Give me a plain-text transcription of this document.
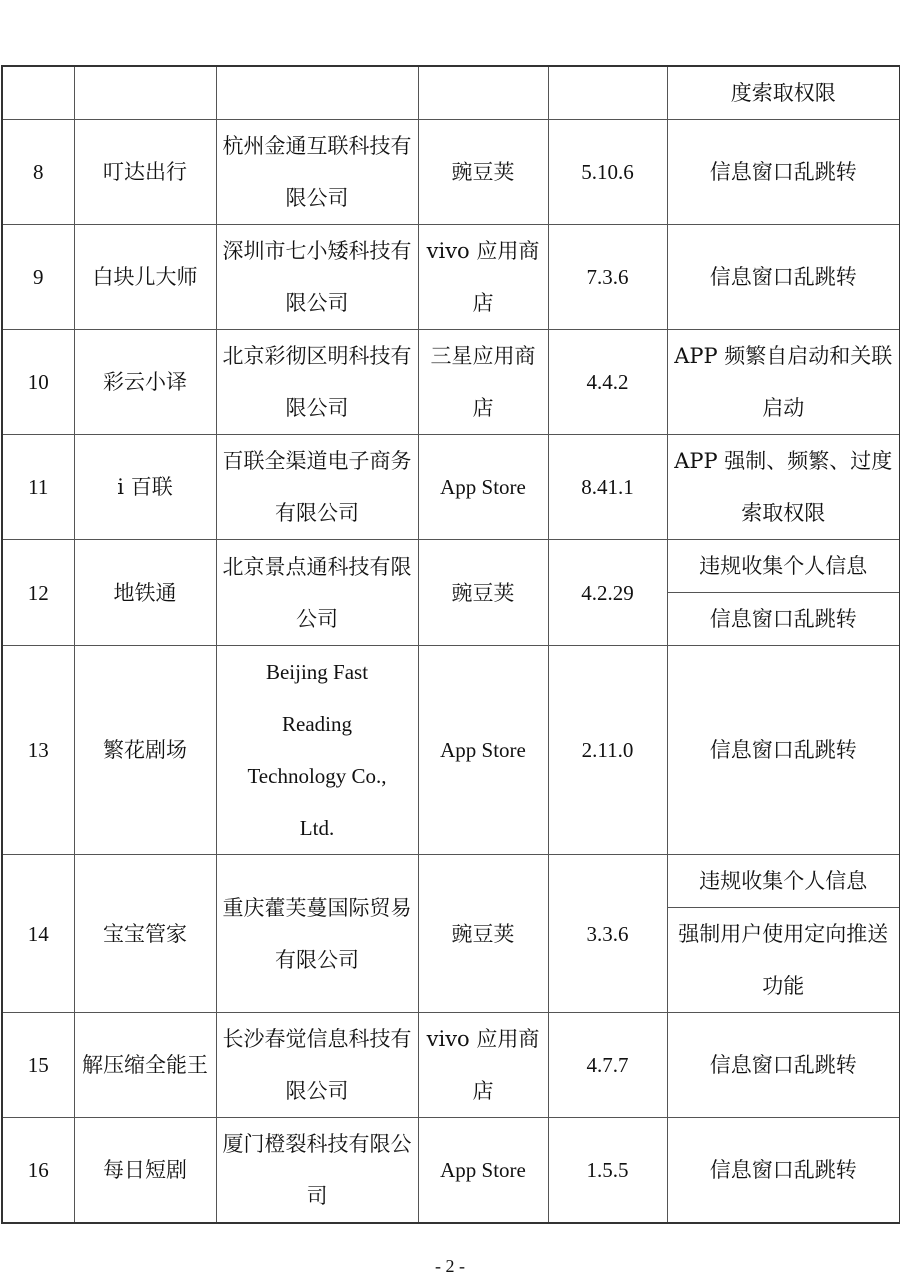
					度索取权限
8	叮达出行	杭州金通互联科技有限公司	豌豆荚	5.10.6	信息窗口乱跳转
9	白块儿大师	深圳市七小矮科技有限公司	vivo 应用商店	7.3.6	信息窗口乱跳转
10	彩云小译	北京彩彻区明科技有限公司	三星应用商店	4.4.2	APP 频繁自启动和关联启动
11	i 百联	百联全渠道电子商务有限公司	App Store	8.41.1	APP 强制、频繁、过度索取权限
12	地铁通	北京景点通科技有限公司	豌豆荚	4.2.29	违规收集个人信息
					信息窗口乱跳转
13	繁花剧场	Beijing Fast Reading Technology Co., Ltd.	App Store	2.11.0	信息窗口乱跳转
14	宝宝管家	重庆藿芙蔓国际贸易有限公司	豌豆荚	3.3.6	违规收集个人信息
					强制用户使用定向推送功能
15	解压缩全能王	长沙春觉信息科技有限公司	vivo 应用商店	4.7.7	信息窗口乱跳转
16	每日短剧	厦门橙裂科技有限公司	App Store	1.5.5	信息窗口乱跳转
- 2 -
